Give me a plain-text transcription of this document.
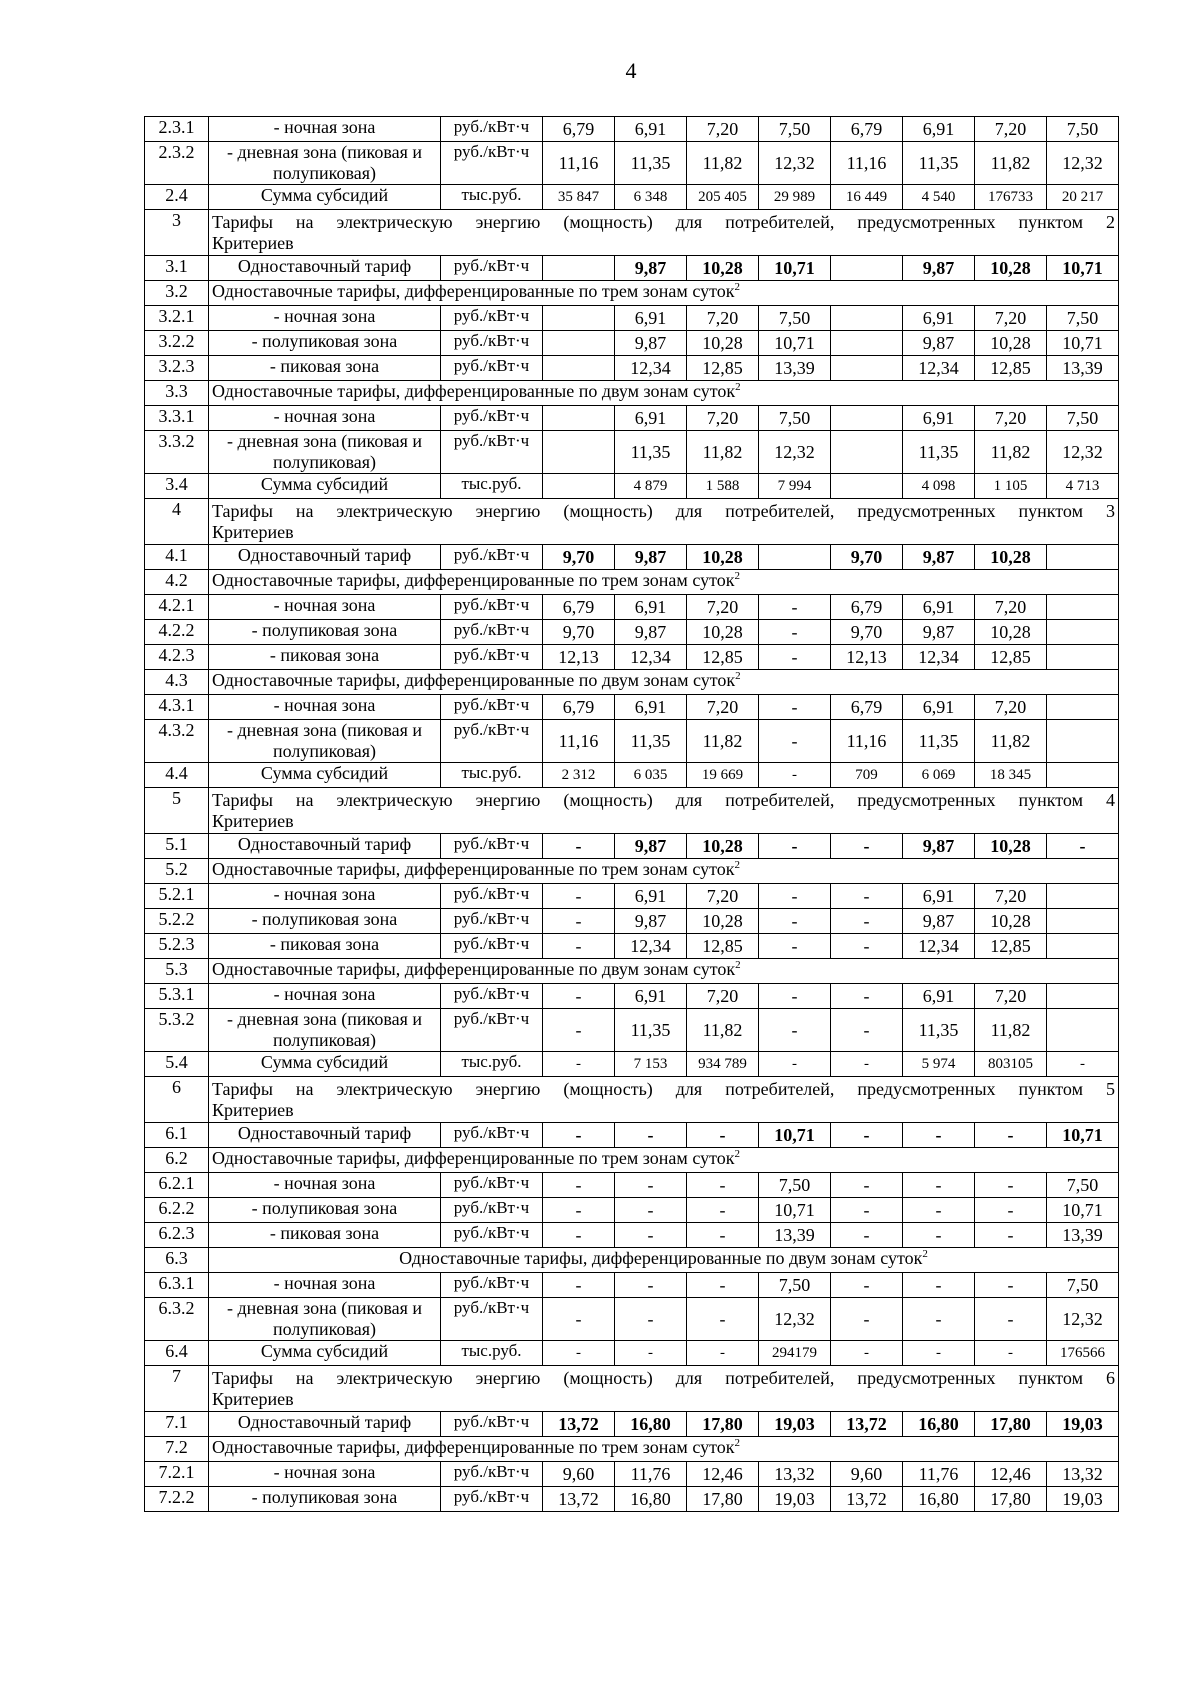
4
2.3.1	- ночная зона	руб./кВт·ч	6,79	6,91	7,20	7,50	6,79	6,91	7,20	7,50
2.3.2	- дневная зона (пиковая и
полупиковая)	руб./кВт·ч	11,16	11,35	11,82	12,32	11,16	11,35	11,82	12,32
2.4	Сумма субсидий	тыс.руб.	35 847	6 348	205 405	29 989	16 449	4 540	176733	20 217
3	Тарифы на электрическую энергию (мощность) для потребителей, предусмотренных пунктом 2
Критериев									
3.1	Одноставочный тариф	руб./кВт·ч		9,87	10,28	10,71		9,87	10,28	10,71
3.2	Одноставочные тарифы, дифференцированные по трем зонам суток$^2$
3.2.1	- ночная зона	руб./кВт·ч		6,91	7,20	7,50		6,91	7,20	7,50
3.2.2	- полупиковая зона	руб./кВт·ч		9,87	10,28	10,71		9,87	10,28	10,71
3.2.3	- пиковая зона	руб./кВт·ч		12,34	12,85	13,39		12,34	12,85	13,39
3.3	Одноставочные тарифы, дифференцированные по двум зонам суток$^2$
3.3.1	- ночная зона	руб./кВт·ч		6,91	7,20	7,50		6,91	7,20	7,50
3.3.2	- дневная зона (пиковая и
полупиковая)	руб./кВт·ч		11,35	11,82	12,32		11,35	11,82	12,32
3.4	Сумма субсидий	тыс.руб.		4 879	1 588	7 994		4 098	1 105	4 713
4	Тарифы на электрическую энергию (мощность) для потребителей, предусмотренных пунктом 3
Критериев									
4.1	Одноставочный тариф	руб./кВт·ч	9,70	9,87	10,28		9,70	9,87	10,28	
4.2	Одноставочные тарифы, дифференцированные по трем зонам суток$^2$
4.2.1	- ночная зона	руб./кВт·ч	6,79	6,91	7,20	-	6,79	6,91	7,20	
4.2.2	- полупиковая зона	руб./кВт·ч	9,70	9,87	10,28	-	9,70	9,87	10,28	
4.2.3	- пиковая зона	руб./кВт·ч	12,13	12,34	12,85	-	12,13	12,34	12,85	
4.3	Одноставочные тарифы, дифференцированные по двум зонам суток$^2$
4.3.1	- ночная зона	руб./кВт·ч	6,79	6,91	7,20	-	6,79	6,91	7,20	
4.3.2	- дневная зона (пиковая и
полупиковая)	руб./кВт·ч	11,16	11,35	11,82	-	11,16	11,35	11,82	
4.4	Сумма субсидий	тыс.руб.	2 312	6 035	19 669	-	709	6 069	18 345	
5	Тарифы на электрическую энергию (мощность) для потребителей, предусмотренных пунктом 4
Критериев									
5.1	Одноставочный тариф	руб./кВт·ч	-	9,87	10,28	-	-	9,87	10,28	-
5.2	Одноставочные тарифы, дифференцированные по трем зонам суток$^2$
5.2.1	- ночная зона	руб./кВт·ч	-	6,91	7,20	-	-	6,91	7,20	
5.2.2	- полупиковая зона	руб./кВт·ч	-	9,87	10,28	-	-	9,87	10,28	
5.2.3	- пиковая зона	руб./кВт·ч	-	12,34	12,85	-	-	12,34	12,85	
5.3	Одноставочные тарифы, дифференцированные по двум зонам суток$^2$
5.3.1	- ночная зона	руб./кВт·ч	-	6,91	7,20	-	-	6,91	7,20	
5.3.2	- дневная зона (пиковая и
полупиковая)	руб./кВт·ч	-	11,35	11,82	-	-	11,35	11,82	
5.4	Сумма субсидий	тыс.руб.	-	7 153	934 789	-	-	5 974	803105	-
6	Тарифы на электрическую энергию (мощность) для потребителей, предусмотренных пунктом 5
Критериев									
6.1	Одноставочный тариф	руб./кВт·ч	-	-	-	10,71	-	-	-	10,71
6.2	Одноставочные тарифы, дифференцированные по трем зонам суток$^2$
6.2.1	- ночная зона	руб./кВт·ч	-	-	-	7,50	-	-	-	7,50
6.2.2	- полупиковая зона	руб./кВт·ч	-	-	-	10,71	-	-	-	10,71
6.2.3	- пиковая зона	руб./кВт·ч	-	-	-	13,39	-	-	-	13,39
6.3	Одноставочные тарифы, дифференцированные по двум зонам суток$^2$
6.3.1	- ночная зона	руб./кВт·ч	-	-	-	7,50	-	-	-	7,50
6.3.2	- дневная зона (пиковая и
полупиковая)	руб./кВт·ч	-	-	-	12,32	-	-	-	12,32
6.4	Сумма субсидий	тыс.руб.	-	-	-	294179	-	-	-	176566
7	Тарифы на электрическую энергию (мощность) для потребителей, предусмотренных пунктом 6
Критериев									
7.1	Одноставочный тариф	руб./кВт·ч	13,72	16,80	17,80	19,03	13,72	16,80	17,80	19,03
7.2	Одноставочные тарифы, дифференцированные по трем зонам суток$^2$
7.2.1	- ночная зона	руб./кВт·ч	9,60	11,76	12,46	13,32	9,60	11,76	12,46	13,32
7.2.2	- полупиковая зона	руб./кВт·ч	13,72	16,80	17,80	19,03	13,72	16,80	17,80	19,03
